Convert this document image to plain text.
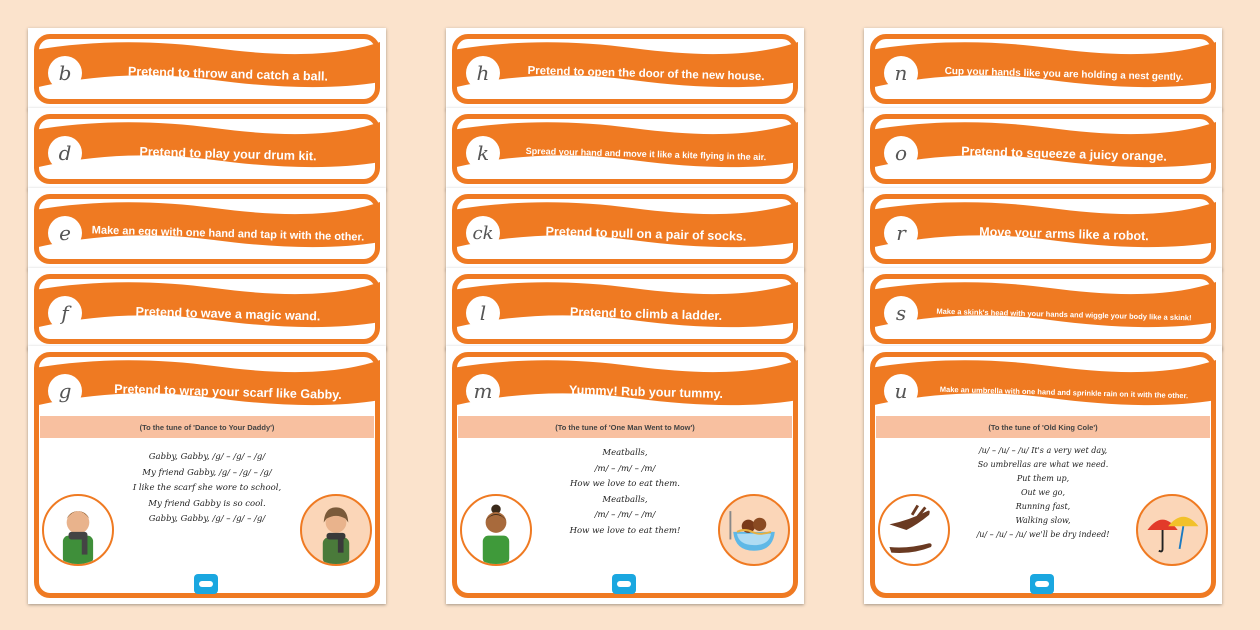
b	Pretend to throw and catch a ball.
d	Pretend to play your drum kit.
e	Make an egg with one hand and tap it with the other.
f	Pretend to wave a magic wand.
g	Pretend to wrap your scarf like Gabby.
(To the tune of 'Dance to Your Daddy')
Gabby, Gabby, /g/ – /g/ – /g/
My friend Gabby, /g/ – /g/ – /g/
I like the scarf she wore to school,
My friend Gabby is so cool.
Gabby, Gabby, /g/ – /g/ – /g/
h	Pretend to open the door of the new house.
k	Spread your hand and move it like a kite flying in the air.
ck	Pretend to pull on a pair of socks.
l	Pretend to climb a ladder.
m	Yummy! Rub your tummy.
(To the tune of 'One Man Went to Mow')
Meatballs,
/m/ – /m/ – /m/
How we love to eat them.
Meatballs,
/m/ – /m/ – /m/
How we love to eat them!
n	Cup your hands like you are holding a nest gently.
o	Pretend to squeeze a juicy orange.
r	Move your arms like a robot.
s	Make a skink's head with your hands and wiggle your body like a skink!
u	Make an umbrella with one hand and sprinkle rain on it with the other.
(To the tune of 'Old King Cole')
/u/ – /u/ – /u/ It's a very wet day,
So umbrellas are what we need.
Put them up,
Out we go,
Running fast,
Walking slow,
/u/ – /u/ – /u/ we'll be dry indeed!
